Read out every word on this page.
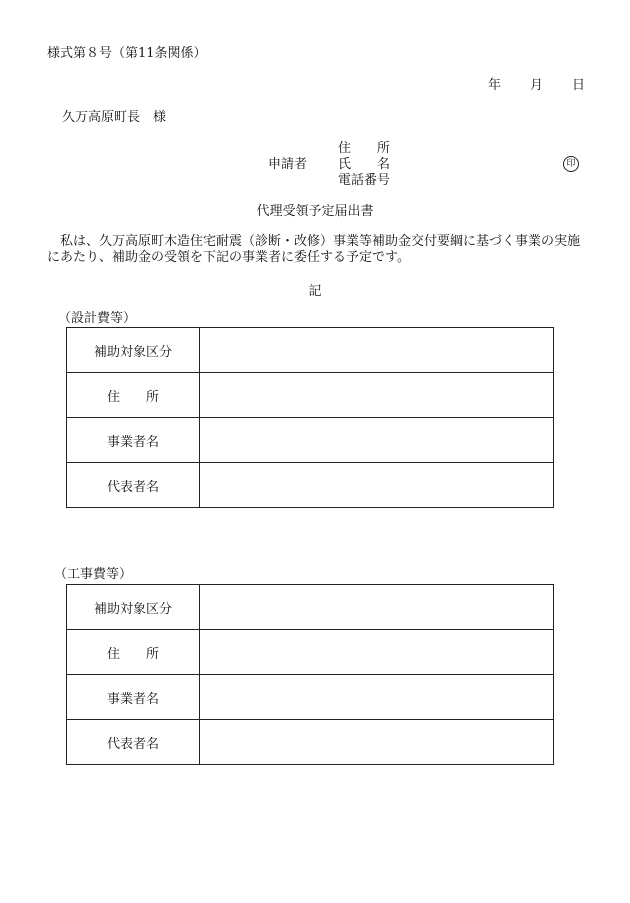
様式第８号（第11条関係）
年 月 日
久万高原町長　様
申請者
住　　所
氏　　名
電話番号
印
代理受領予定届出書
私は、久万高原町木造住宅耐震（診断・改修）事業等補助金交付要綱に基づく事業の実施にあたり、補助金の受領を下記の事業者に委任する予定です。
記
（設計費等）
補助対象区分	
住　　所	
事業者名	
代表者名	
（工事費等）
補助対象区分	
住　　所	
事業者名	
代表者名	
